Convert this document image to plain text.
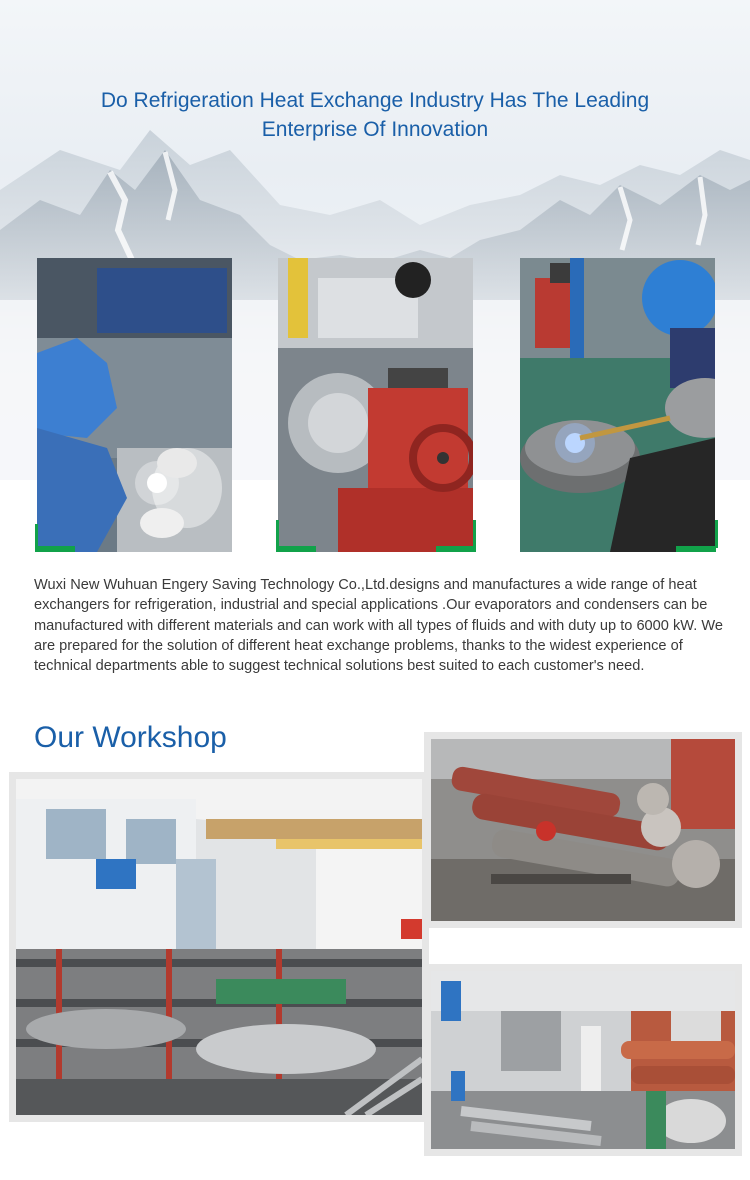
Do Refrigeration Heat Exchange Industry Has The Leading
Enterprise Of Innovation
Wuxi New Wuhuan Engery Saving Technology Co.,Ltd.designs and manufactures a wide range of heat exchangers for refrigeration, industrial and special applications .Our evaporators and condensers can be manufactured with different materials and can work with all types of fluids and with duty up to 6000 kW. We are prepared for the solution of different heat exchange problems, thanks to the widest experience of technical departments able to suggest technical solutions best suited to each customer's need.
Our Workshop
